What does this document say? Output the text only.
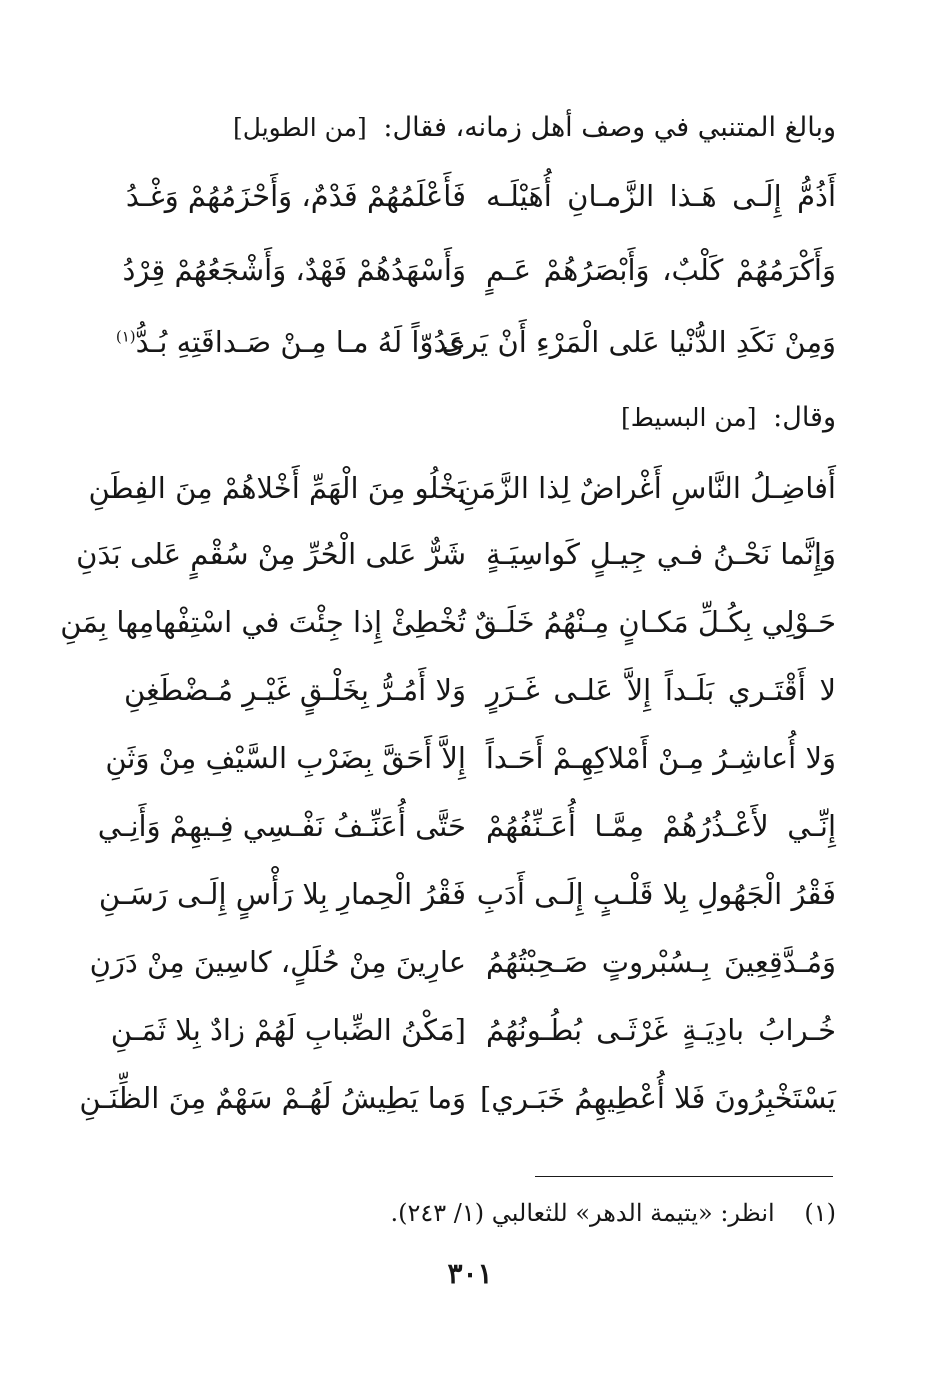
وبالغ المتنبي في وصف أهل زمانه، فقال: [من الطويل]
أَذُمُّ إِلَـى هَـذا الزَّمـانِ أُهَيْلَـه
فَأَعْلَمُهُمْ فَدْمٌ، وَأَحْزَمُهُمْ وَغْـدُ
وَأَكْرَمُهُمْ كَلْبٌ، وَأَبْصَرُهُمْ عَـمٍ
وَأَسْهَدُهُمْ فَهْدٌ، وَأَشْجَعُهُمْ قِرْدُ
وَمِنْ نَكَدِ الدُّنْيا عَلى الْمَرْءِ أَنْ يَرى
عَدُوّاً لَهُ مـا مِـنْ صَـداقَتِهِ بُـدُّ$^{(١)}$
وقال: [من البسيط]
أَفاضِـلُ النَّاسِ أَغْراضٌ لِذا الزَّمَنِ
يَخْلُو مِنَ الْهَمِّ أَخْلاهُمْ مِنَ الفِطَنِ
وَإِنَّما نَحْـنُ فـي جِيـلٍ كَواسِيَـةٍ
شَرٌّ عَلى الْحُرِّ مِنْ سُقْمٍ عَلى بَدَنِ
حَـوْلِي بِكُـلِّ مَكـانٍ مِـنْهُمُ خَلَـقٌ
تُخْطِئْ إِذا جِئْتَ في اسْتِفْهامِها بِمَنِ
لا أَقْتَـري بَلَـداً إِلاَّ عَلـى غَـرَرٍ
وَلا أَمُـرُّ بِخَلْـقٍ غَيْـرِ مُـضْطَغِنِ
وَلا أُعاشِـرُ مِـنْ أَمْلاكِهِـمْ أَحَـداً
إِلاَّ أَحَقَّ بِضَرْبِ السَّيْفِ مِنْ وَثَنِ
إِنِّـي لأَعْـذُرُهُمْ مِمَّـا أُعَـنِّفُهُمْ
حَتَّى أُعَنِّـفُ نَفْـسِي فِـيهِمْ وَأَنِـي
فَقْرُ الْجَهُولِ بِلا قَلْـبٍ إِلَـى أَدَبِ
فَقْرُ الْحِمارِ بِلا رَأْسٍ إِلَـى رَسَـنِ
وَمُـدَّقِعِينَ بِـسُبْروتٍ صَـحِبْتُهُمُ
عارِينَ مِنْ حُلَلٍ، كاسِينَ مِنْ دَرَنِ
خُـرابُ بادِيَـةٍ غَرْثَـى بُطُـونُهُمُ
[مَكْنُ الضِّبابِ لَهُمْ زادٌ بِلا ثَمَـنِ
يَسْتَخْبِرُونَ فَلا أُعْطِيهِمُ خَبَـري]
وَما يَطِيشُ لَهُـمْ سَهْمٌ مِنَ الظِّنَـنِ
(١) انظر: «يتيمة الدهر» للثعالبي (١/ ٢٤٣).
٣٠١
